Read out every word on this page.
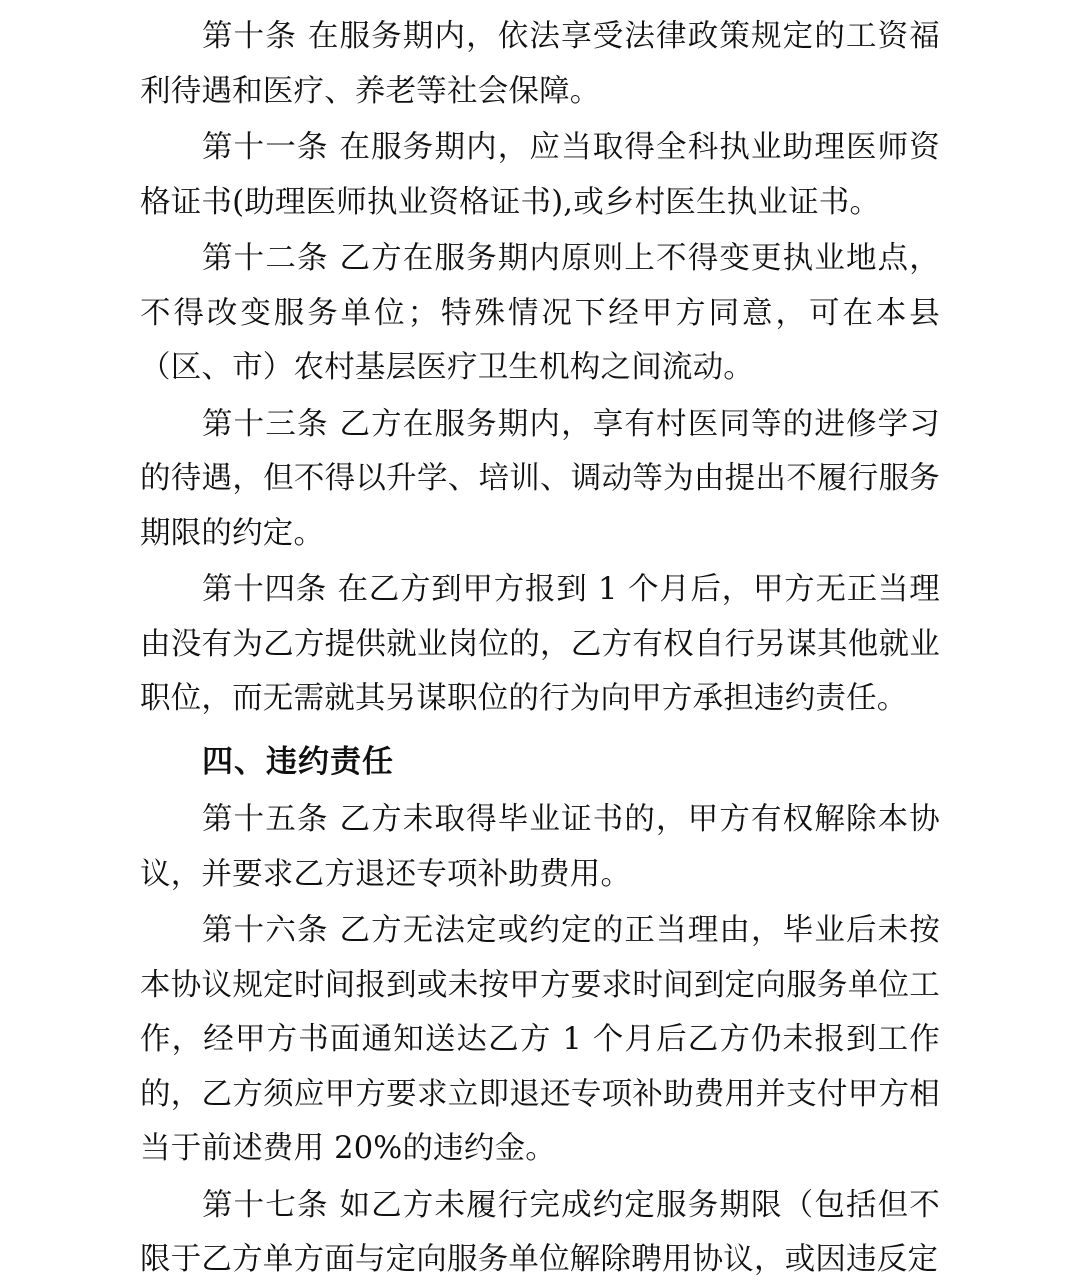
第十条 在服务期内，依法享受法律政策规定的工资福利待遇和医疗、养老等社会保障。

第十一条 在服务期内，应当取得全科执业助理医师资格证书(助理医师执业资格证书),或乡村医生执业证书。

第十二条 乙方在服务期内原则上不得变更执业地点，不得改变服务单位；特殊情况下经甲方同意，可在本县（区、市）农村基层医疗卫生机构之间流动。

第十三条 乙方在服务期内，享有村医同等的进修学习的待遇，但不得以升学、培训、调动等为由提出不履行服务期限的约定。

第十四条 在乙方到甲方报到 1 个月后，甲方无正当理由没有为乙方提供就业岗位的，乙方有权自行另谋其他就业职位，而无需就其另谋职位的行为向甲方承担违约责任。

四、违约责任

第十五条 乙方未取得毕业证书的，甲方有权解除本协议，并要求乙方退还专项补助费用。

第十六条 乙方无法定或约定的正当理由，毕业后未按本协议规定时间报到或未按甲方要求时间到定向服务单位工作，经甲方书面通知送达乙方 1 个月后乙方仍未报到工作的，乙方须应甲方要求立即退还专项补助费用并支付甲方相当于前述费用 20%的违约金。

第十七条 如乙方未履行完成约定服务期限（包括但不限于乙方单方面与定向服务单位解除聘用协议，或因违反定
